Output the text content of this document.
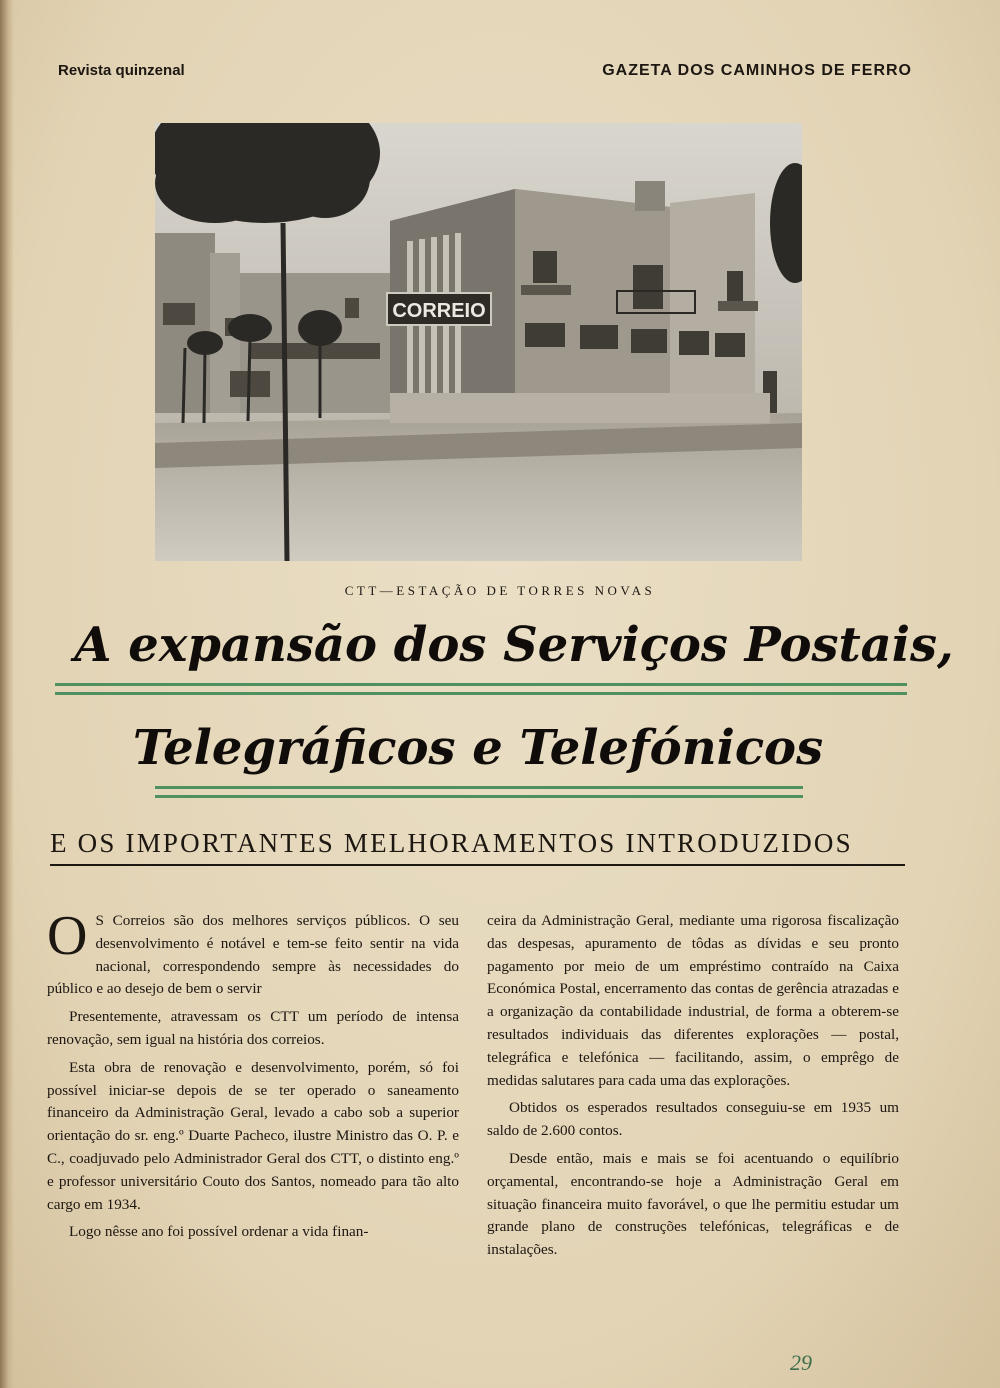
Revista quinzenal	GAZETA DOS CAMINHOS DE FERRO
CORREIO
CTT—ESTAÇÃO DE TORRES NOVAS
A expansão dos Serviços Postais,
Telegráficos e Telefónicos
E OS IMPORTANTES MELHORAMENTOS INTRODUZIDOS

O S Correios são dos melhores serviços públicos. O seu desenvolvimento é notável e tem-se feito sentir na vida nacional, correspondendo sempre às necessidades do público e ao desejo de bem o servir

Presentemente, atravessam os CTT um período de intensa renovação, sem igual na história dos correios.

Esta obra de renovação e desenvolvimento, porém, só foi possível iniciar-se depois de se ter operado o saneamento financeiro da Administração Geral, levado a cabo sob a superior orientação do sr. eng.º Duarte Pacheco, ilustre Ministro das O. P. e C., coadjuvado pelo Administrador Geral dos CTT, o distinto eng.º e professor universitário Couto dos Santos, nomeado para tão alto cargo em 1934.

Logo nêsse ano foi possível ordenar a vida finan-

ceira da Administração Geral, mediante uma rigorosa fiscalização das despesas, apuramento de tôdas as dívidas e seu pronto pagamento por meio de um empréstimo contraído na Caixa Económica Postal, encerramento das contas de gerência atrazadas e a organização da contabilidade industrial, de forma a obterem-se resultados individuais das diferentes explorações — postal, telegráfica e telefónica — facilitando, assim, o emprêgo de medidas salutares para cada uma das explorações.

Obtidos os esperados resultados conseguiu-se em 1935 um saldo de 2.600 contos.

Desde então, mais e mais se foi acentuando o equilíbrio orçamental, encontrando-se hoje a Administração Geral em situação financeira muito favorável, o que lhe permitiu estudar um grande plano de construções telefónicas, telegráficas e de instalações.

29
